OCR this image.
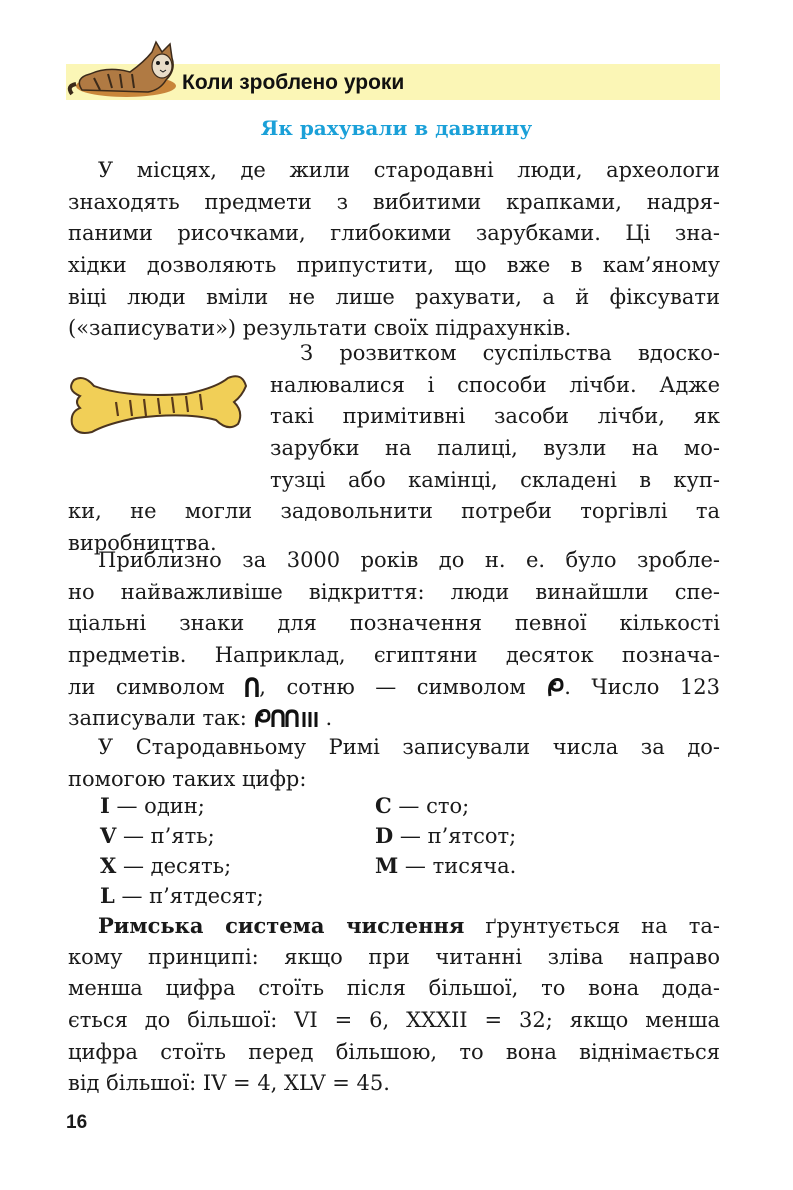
Коли зроблено уроки
Як рахували в давнину
У місцях, де жили стародавні люди, археологи
знаходять предмети з вибитими крапками, надря-
паними рисочками, глибокими зарубками. Ці зна-
хідки дозволяють припустити, що вже в кам’яному
віці люди вміли не лише рахувати, а й фіксувати
(«записувати») результати своїх підрахунків.
З розвитком суспільства вдоско-
налювалися і способи лічби. Адже
такі примітивні засоби лічби, як
зарубки на палиці, вузли на мо-
тузці або камінці, складені в куп-
ки, не могли задовольнити потреби торгівлі та
виробництва.
Приблизно за 3000 років до н. е. було зробле-
но найважливіше відкриття: люди винайшли спе-
ціальні знаки для позначення певної кількості
предметів. Наприклад, єгиптяни десяток познача-
ли символом , сотню — символом . Число 123
записували так:	.
У Стародавньому Римі записували числа за до-
помогою таких цифр:
I — один;
V — п’ять;
X — десять;
L — п’ятдесят;
C — сто;
D — п’ятсот;
M — тисяча.
Римська система числення ґрунтується на та-
кому принципі: якщо при читанні зліва направо
менша цифра стоїть після більшої, то вона дода-
ється до більшої: VI = 6, XXXII = 32; якщо менша
цифра стоїть перед більшою, то вона віднімається
від більшої: IV = 4, XLV = 45.
16
